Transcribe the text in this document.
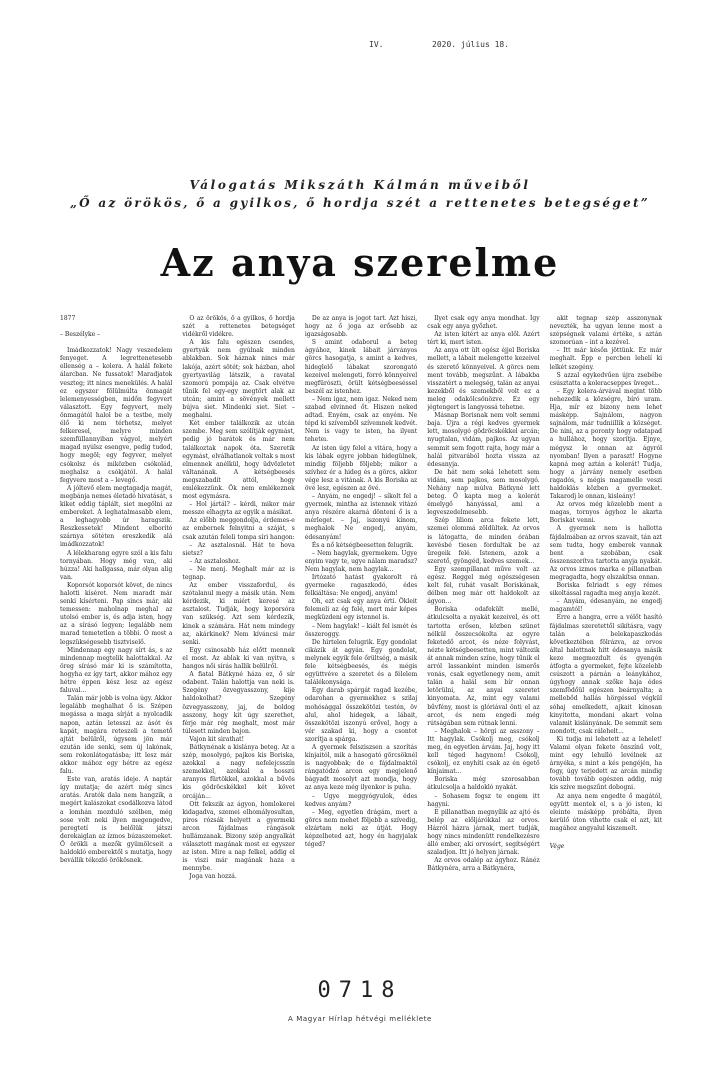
IV.	2020. július 18.
Válogatás Mikszáth Kálmán műveiből
„Ő az örökös, ő a gyilkos, ő hordja szét a rettenetes betegséget”
Az anya szerelme

1877

– Beszélyke –

Imádkozzatok! Nagy veszedelem fenyeget. A legrettenetesebb ellenség a – kolera. A halál fekete álarcban. Ne fussatok! Maradjatok veszteg; itt nincs menekülés. A halál ez egyszer fölülmúlta önmagát lelemenyességben, midőn fegyvert választott. Egy fegyvert, mely önmagától halol be a testbe, mely élő ki nem térhetsz, melyet felkeresel, melyre minden szemfüllannyiban vágyol, melyért magad nyúlsz esengve, pedig tudod, hogy megöl; egy fegyver, melyet csókolsz és miközben csókolád, meghalsz a csókjától. A halál fegyvere most a – levegő.

A jóltevő elem megtagadja magát, megbánja nemes életadó hivatását, s kiket eddig táplált, siet megölni az embereket. A leghatalmasabb elem, a leghagyobb úr haragszik. Reszkessetek! Mindent elborító szárnya sötéten ereszkedik alá imádkozzatok!

A lélekharang egyre szól a kis falu tornyában. Hogy még van, aki húzza! Aki hallgassa, már olyan alig van.

Koporsót koporsót követ, de nincs halotti kíséret. Nem maradt már senki kísérteni. Pap sincs már, aki temessen: maholnap meghal az utolsó ember is, és adja isten, hogy az a sírásó legyen; legalább nem marad temetetlen a többi. Ó most a legszükségesebb tisztviselő.

Mindennap egy nagy sírt ás, s az mindennap megtelik halottakkal. Az öreg sírásó már ki is számította, hogyha ez így tart, akkor mához egy hétre éppen kész lesz az egész faluval...

Talán már jobb is volna úgy. Akkor legalább meghalhat ő is. Szépen megássa a maga sírját a nyolcadik napon, aztán letesszi az ásót és kapát, magára reteszeli a temető ajtát belülről, úgysem jön már ezután ide senki, sem új lakónak, sem rokonlátogatásba; itt lesz már akkor mához egy hétre az egész falu.

Este van, aratás ideje. A naptár így mutatja; de azért még sincs aratás. Aratók dala nem hangzik, a megért kalászokat csodálkozva látod a lomhán mozduló szélben, még sose volt neki ilyen megengedve, peregtetí is belőlük játszi derekaiglan az ízmos búzaszemeket. Ő örökli a mezők gyümölcseit a haldokló emberektől s mutatja, hogy bevállik tékozló örökösnek.

Ő az örökös, ő a gyilkos, ő hordja szét a rettenetes betegséget vidékről vidékre.

A kis falu egészen csendes, gyertyák nem gyúlnak minden ablakban. Sok háznak nincs már lakója, azért sötét; sok házban, ahol gyertyavilág látszik, a ravatal szomorú pompája az. Csak elvétve tűnik fel egy-egy megtört alak az utcán; amint a sövények mellett bújva siet. Mindenki siet. Siet – meghalni.

Két ember találkozik az utcán szembe. Meg sem szólítják egymást, pedig jó barátok és már nem találkoztak napok óta. Szeretik egymást, elválhatlanok voltak s most elmennek anélkül, hogy üdvözletet váltanának. A kétségbeesés megszabadít attól, hogy emlékezzünk. Ők nem emlékeznek most egymásra.

– Hol jártál? – kérdi, mikor már messze elhagyta az egyik a másikat.

Az előbb meggondolja, érdemes-e az embernek felnyitni a száját, s csak azután feleli tompa síri hangon:

– Az asztalosnál. Hát te hova sietsz?

– Az asztaloshoz.

– Ne menj. Meghalt már az is tegnap.

Az ember visszafordul, és szótalanul megy a másik után. Nem kérdezik, ki miért keresé az asztalost. Tudják, hogy koporsóra van szükség. Azt sem kérdezik, kinek a számára. Hát nem mindegy az, akárkinek? Nem kíváncsi már senki.

Egy csinosabb ház előtt mennek el most. Az ablak ki van nyitva, s hangos női sírás hallik belülről.

A fiatal Bátkyné háza ez, ő sír odabent. Talán halottja van neki is. Szegény özvegyasszony, kije haldokolhat? Szegény özvegyasszony, jaj, de boldog asszony, hogy kit úgy szerethet, férje már rég meghalt, most már túlesett minden bajon.

Vajon kit sirathat!

Bátkynénak a kislánya beteg. Az a szép, mosolygó, pajkos kis Boriska, azokkal a nagy nefelejcsszín szemekkel, azokkal a hosszú aranyos fürtökkel, azokkal a bűvös kis gödröcskékkel két követ orcáján...

Ott fekszik az ágyon, homlokerei kidagadva, szemei elhomályosultan, piros rózsák helyett a gyermeki arcon fájdalmas rángások hullámzanak. Bizony szép angyalkát választott magának most ez egyszer az isten. Mire a nap felkel, addig el is viszi már magának haza a mennybe.

Joga van hozzá.

De az anya is jogot tart. Azt hiszi, hogy az ő joga az erősebb az igazságosabb.

S amint odaborul a beteg ágyához, kinek lábait járványos görcs hasogatja, s amint a kedves, hideglelő lábakat szorongató kezeivel melengeti, forró könnyeivel megfürószti, örült kétségbeeséssel beszél az istenhez.

– Nem igaz, nem igaz. Neked nem szabad elvinned őt. Hiszen neked adtad. Enyém, csak az enyém. Ne tépd ki szívemből szívemnek kedvét. Nem is vagy te isten, ha ilyent teheteı.

Az isten úgy felel a vitára, hogy a kis lábak egyre jobban hidegülnek, mindig följebb följebb; mikor a szívhez ér a hideg és a görcs, akkor vége lesz a vitának. A kis Boriska az övé lesz, egészen az övé.

– Anyám, ne engedj! – síkolt fel a gyermek, mintha az istennek vitázó anya részére akarná dönteni ő is a mérleget. – Jaj, iszonyú kínom, meghalok Ne engedj, anyám, édesanyám!

És a nő kétségbeesetten felugrik.

– Nem hagylak, gyermekem. Ugye enyim vagy te, ugye nálam maradsz? Nem hagylak, nem hagylak...

Irtózató hatást gyakorolt rá gyermeke ragaszkodó, édes felkiáltása: Ne engedj, anyám!

Oh, ezt csak egy anya érti. Ökleit felemeli az ég felé, mert már képes megküzdeni egy istennel is.

– Nem hagylak! – kiált fel ismét és összeroggy.

De hirtelen felugrik. Egy gondolat cikázik át agyán. Egy gondolat, melynek egyik fele őrültség, a másik fele kétségbeesés, és mégis együttvéve a szeretet és a félelem találékonysága.

Egy darab spárgát ragad kezébe, odarohan a gyermekhez s szilaj mohósággal összekötözi testén, öv alul, ahol hidegek, a lábait, összekötözi iszonyú erővel, hogy a vér szakad ki, hogy a csontot szorítja a spárga.

A gyermek felsziszsen a szorítás kínjaitól, mik a hasogató görcsöknél is nagyobbak; de e fájdalmaktól rángatódzó arcon egy megjelenő bágyadt mosolyt azt mondja, hogy az anya keze még ilyenkor is puha.

– Ugye meggyógyulok, édes kedves anyám?

– Meg, egyetlen drágám, mert a görcs nem mehet följebb a szívedig, elzártam neki az útját. Hogy képzelheted azt, hogy én hagyjalak téged?

Ilyet csak egy anya mondhat. Így csak egy anya győzhet.

Az isten kitért az anya elől. Azért tért ki, mert isten.

Az anya ott ült egész éjjel Boriska mellett, a lábait melengette kezeivel és szerető könnyeivel. A görcs nem ment tovább, megszűnt. A lábakba visszatért a melegség, talán az anyai kezekből és szemekből volt ez a meleg odakölcsönözve. Ez egy jégtengert is langyossá tehetne.

Másnap Borisnak nem volt semmi baja. Újra a régi kedves gyermek lett, mosolygó gödröcskékkel arcán; nyugtalan, vidám, pajkos. Az ugyan semmit sem fogott rajta, hogy már a halál pitvarából hozta vissza az édesanyja.

De hát nem soká lehetett sem vidám, sem pajkos, sem mosolygó. Nehány nap múlva Bátkyné lett beteg. Ő kapta meg a kolerát émelygő hányással, ami a legveszedelmesebb.

Szép liliom arca fekete lett, szemei olommá zöldültek. Az orvos is látogatta, de minden órában kevésbé tiesen fordultak be az üregeik felé. Istenem, azok a szerető, gyöngéd, kedves szemek...

Egy szempillanat műve volt az egész. Reggel még egészségesen kelt fel, ruhát vasalt Boriskának, délben meg már ott haldokolt az ágyon...

Boriska odafekült mellé, átkulcsolta a nyakát kezeivel, és ott tartotta erősen, közben szünet nélkül összecsókolta az egyre feketedő arcot, és néze folyvást, nézte kétségbeesetten, mint változik át annak minden színe, hogy tűnik el arról lassanként minden ismerős vonás, csak egyetlenegy nem, amit talán a halál sem bír onnan letörülni, az anyai szeretet kinyomata. Az, mint egy valami bűvfény, most is glóriával önti el az arcot, és nem engedi még rútságában sem rútnak lenni.

– Meghalok – hörgi az asszony – Itt hagylak. Csókolj meg, csókolj meg, én egyetlen árvám. Jaj, hogy itt kell téged hagynom! Csókolj, csókolj, ez enyhíti csak az én égető kínjaimat...

Boriska még szorosabban átkulcsolja a haldokló nyakát.

– Sohasem fogsz te engem itt hagyni.

E pillanatban megnyílik az ajtó és belép az előljárókkal az orvos. Házról házra járnak, mert tudják, hogy nincs mindenütt rendelkezésre álló ember, aki orvosért, segítségért szaladjon. Itt jó helyen járnak.

Az orvos odalép az ágyhoz. Ránéz Bátkynéra, arra a Bátkynéra,

akit tegnap szép asszonynak nevezték, ha ugyan lenne most a szépségnek valami értéke, s aztán szomorúan – int a kezével.

– Itt már későn jöttünk. Ez már meghalt. Épp e percben lehelí ki lelkét szegény.

S azzal egykedvűen újra zsebébe csúsztatta a koleracseppes üveget...

– Egy kolera-árvával megint több nehezedik a községre, bíró uram. Hja, mír ez bizony nem lehet másképp. Sajnálom, nagyon sajnálom, már tudniillik a községet. De nini, az a poronty hogy odatapad a hullához, hogy szorítja. Ejnye, mégysz le onnan az ágyról nyomban! Ilyen a paraszt! Hogyne kapná meg aztán a kolerát! Tudja, hogy a járvány nemely esetben ragadós, s mégis magamelle veszi haldoklás közben a gyermeket. Takarodj le onnan, kisleány!

Az orvos még közelebb ment a magas, tornyos ágyhoz le akarta Boriskát venni.

A gyermek nem is hallotta fájdalmában az orvos szavait, tán azt sem tudta, hogy emberek vannak bent a szobában, csak összenszorítva tartotta anyja nyakát. Az orvos izmos marka e pillanatban megragadta, hogy elszakítsa onnan.

Boriska felriadt s egy rémes sikoltással ragadta meg anyja kezét.

– Anyám, édesanyám, ne engedj magamtól!

Erre a hangra, erre a vélőt hasító fájdalmas szeretettől sikításra, vagy talán a belekapaszkodás következtében fölrázva, az orvos által halottnak hitt édesanya másik keze megmozdult és gyengén átfogta a gyermeket, fejte közelebb csúszott a párnán a leánykához, úgyhogy annak szőke haja édes szemfödőül egészen beárnyalta; a mellebőd hallás hörgéssel végkül sóhaj emelkedett, ajkait kínosan kinyitotta, mondani akart volna valamit kislányának. De semmit sem mondott, csak rálehelt...

Ki tudja mi lehetett az a lehelet! Valami olyan fekete önszínű volt, mint egy lehulló levélnek az árnyéka, s mint a kés pengéjén, ha fogy, úgy terjedett az arcán mindig tovább tovább egészen addig, míg kis szíve megszűnt dobogni.

Az anya nem engedte ő magától, együtt mentek el, s a jó isten, ki eleinte másképp próbálta, ilyen kerülő úton vihette csak el azt, kit magához angyalul kiszemelt.

Vége

0718
A Magyar Hírlap hétvégi melléklete
